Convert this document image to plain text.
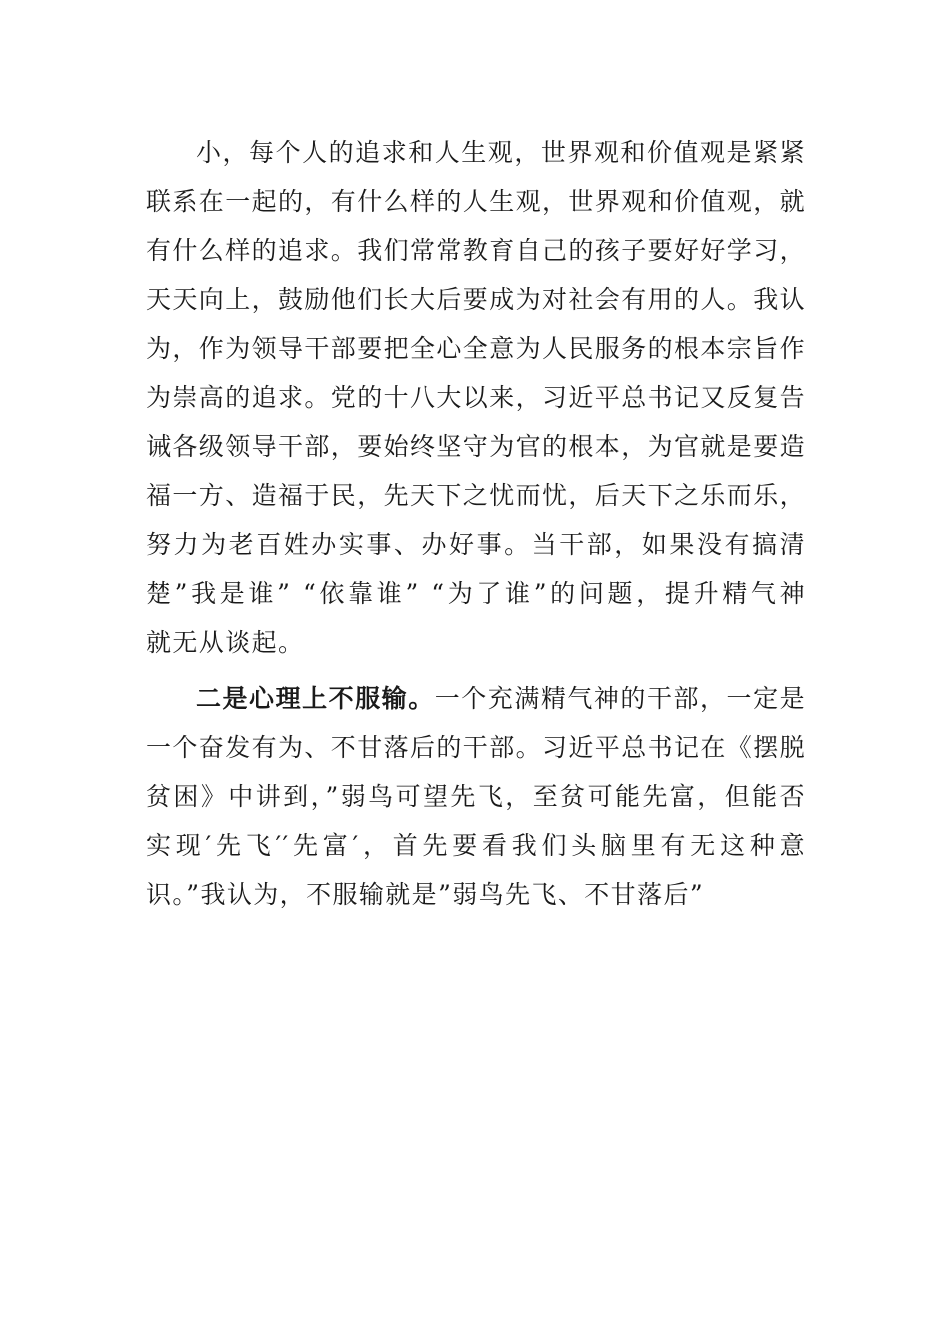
小，每个人的追求和人生观，世界观和价值观是紧紧
联系在一起的，有什么样的人生观，世界观和价值观，就
有什么样的追求。我们常常教育自己的孩子要好好学习，
天天向上，鼓励他们长大后要成为对社会有用的人。我认
为，作为领导干部要把全心全意为人民服务的根本宗旨作
为崇高的追求。党的十八大以来，习近平总书记又反复告
诫各级领导干部，要始终坚守为官的根本，为官就是要造
福一方、造福于民，先天下之忧而忧，后天下之乐而乐，
努力为老百姓办实事、办好事。当干部，如果没有搞清
楚”我是谁” “依靠谁” “为了谁”的问题，提升精气神
就无从谈起。
二是心理上不服输。一个充满精气神的干部，一定是
一个奋发有为、不甘落后的干部。习近平总书记在《摆脱
贫困》中讲到，”弱鸟可望先飞，至贫可能先富，但能否
实现′先飞′′先富′，首先要看我们头脑里有无这种意
识。”我认为，不服输就是”弱鸟先飞、不甘落后”
